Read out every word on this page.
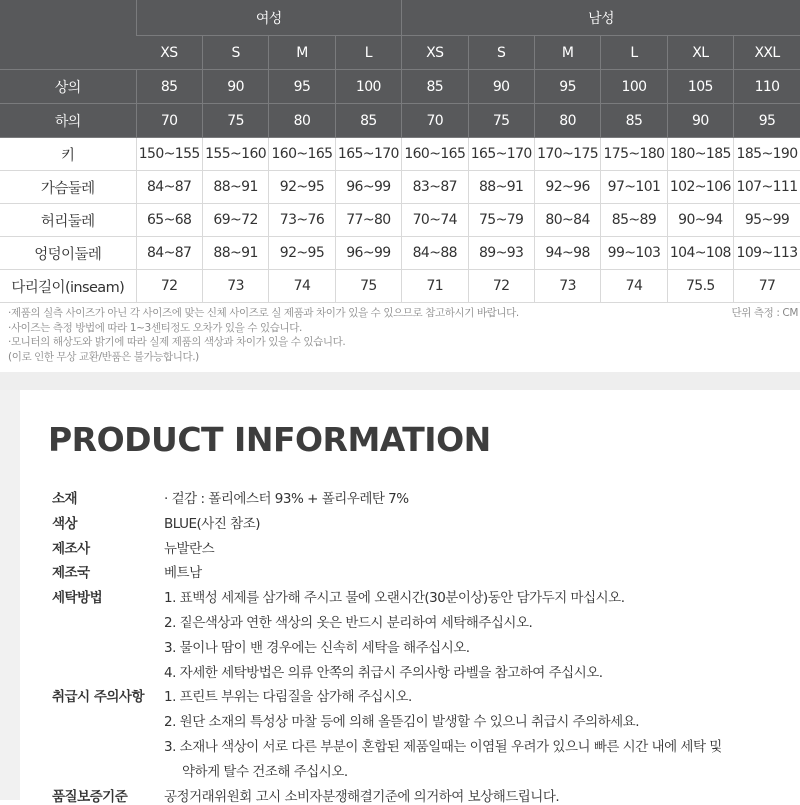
	여성				남성					
	XS	S	M	L	XS	S	M	L	XL	XXL
상의	85	90	95	100	85	90	95	100	105	110
하의	70	75	80	85	70	75	80	85	90	95
키	150~155	155~160	160~165	165~170	160~165	165~170	170~175	175~180	180~185	185~190
가슴둘레	84~87	88~91	92~95	96~99	83~87	88~91	92~96	97~101	102~106	107~111
허리둘레	65~68	69~72	73~76	77~80	70~74	75~79	80~84	85~89	90~94	95~99
엉덩이둘레	84~87	88~91	92~95	96~99	84~88	89~93	94~98	99~103	104~108	109~113
다리길이(inseam)	72	73	74	75	71	72	73	74	75.5	77
·제품의 실측 사이즈가 아닌 각 사이즈에 맞는 신체 사이즈로 실 제품과 차이가 있을 수 있으므로 참고하시기 바랍니다.
·사이즈는 측정 방법에 따라 1~3센티정도 오차가 있을 수 있습니다.
·모니터의 해상도와 밝기에 따라 실제 제품의 색상과 차이가 있을 수 있습니다.
(이로 인한 무상 교환/반품은 불가능합니다.)
단위 측정 : CM
PRODUCT INFORMATION
소재	· 겉감 : 폴리에스터 93% + 폴리우레탄 7%
색상	BLUE(사진 참조)
제조사	뉴발란스
제조국	베트남
세탁방법	1. 표백성 세제를 삼가해 주시고 물에 오랜시간(30분이상)동안 담가두지 마십시오.
2. 짙은색상과 연한 색상의 옷은 반드시 분리하여 세탁해주십시오.
3. 물이나 땀이 밴 경우에는 신속히 세탁을 해주십시오.
4. 자세한 세탁방법은 의류 안쪽의 취급시 주의사항 라벨을 참고하여 주십시오.
취급시 주의사항 1. 프린트 부위는 다림질을 삼가해 주십시오.
2. 원단 소재의 특성상 마찰 등에 의해 올뜯김이 발생할 수 있으니 취급시 주의하세요.
3. 소재나 색상이 서로 다른 부분이 혼합된 제품일때는 이염될 우려가 있으니 빠른 시간 내에 세탁 및
약하게 탈수 건조해 주십시오.
품질보증기준	공정거래위원회 고시 소비자분쟁해결기준에 의거하여 보상해드립니다.
